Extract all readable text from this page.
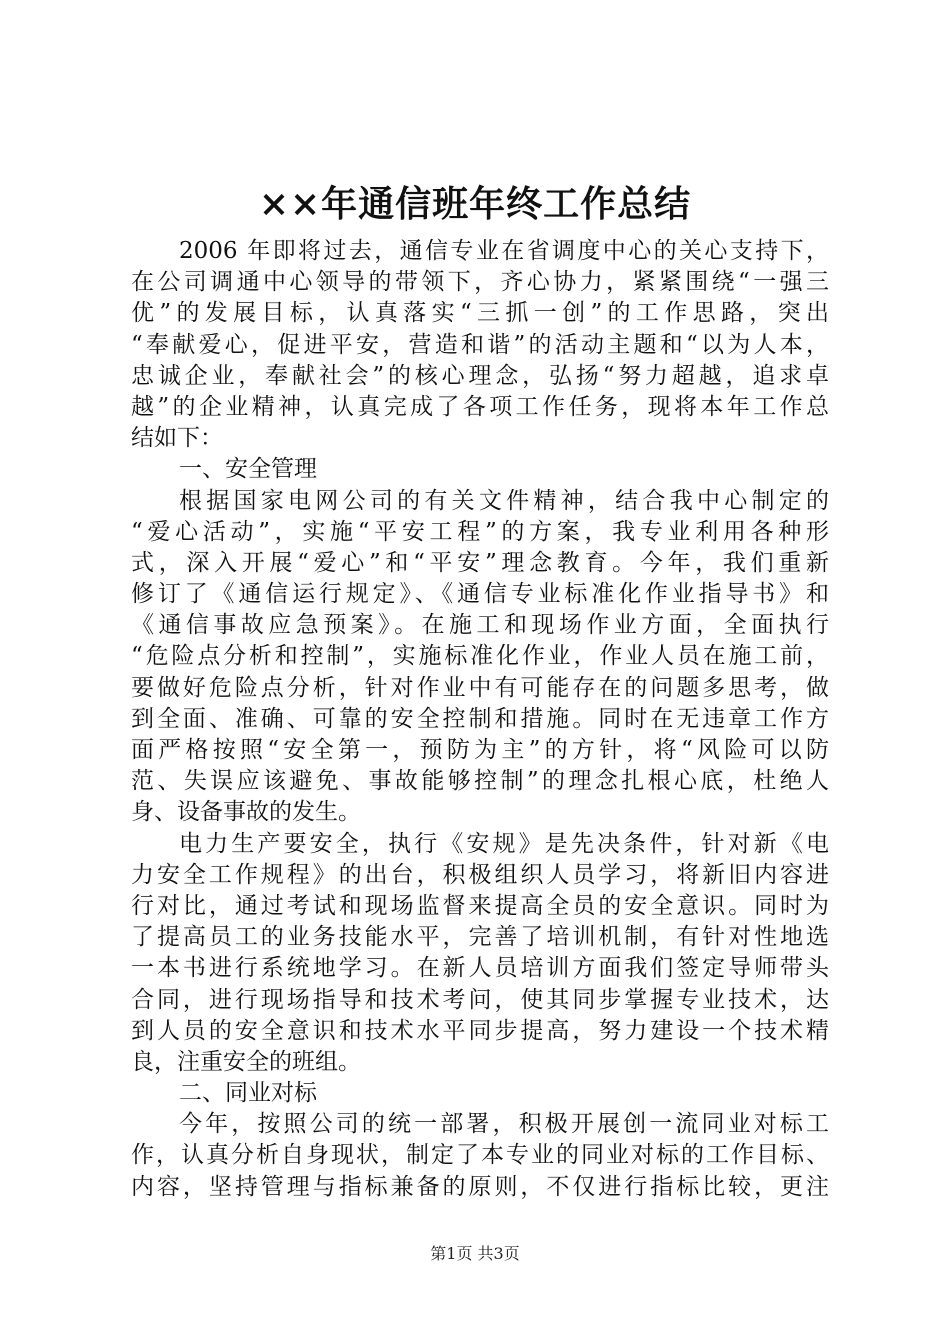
××年通信班年终工作总结
2006 年即将过去，通信专业在省调度中心的关心支持下，
在公司调通中心领导的带领下，齐心协力，紧紧围绕“一强三
优”的发展目标，认真落实“三抓一创”的工作思路，突出
“奉献爱心，促进平安，营造和谐”的活动主题和“以为人本，
忠诚企业，奉献社会”的核心理念，弘扬“努力超越，追求卓
越”的企业精神，认真完成了各项工作任务，现将本年工作总
结如下：
一、安全管理
根据国家电网公司的有关文件精神，结合我中心制定的
“爱心活动”，实施“平安工程”的方案，我专业利用各种形
式，深入开展“爱心”和“平安”理念教育。今年，我们重新
修订了《通信运行规定》、《通信专业标准化作业指导书》和
《通信事故应急预案》。在施工和现场作业方面，全面执行
“危险点分析和控制”，实施标准化作业，作业人员在施工前，
要做好危险点分析，针对作业中有可能存在的问题多思考，做
到全面、准确、可靠的安全控制和措施。同时在无违章工作方
面严格按照“安全第一，预防为主”的方针，将“风险可以防
范、失误应该避免、事故能够控制”的理念扎根心底，杜绝人
身、设备事故的发生。
电力生产要安全，执行《安规》是先决条件，针对新《电
力安全工作规程》的出台，积极组织人员学习，将新旧内容进
行对比，通过考试和现场监督来提高全员的安全意识。同时为
了提高员工的业务技能水平，完善了培训机制，有针对性地选
一本书进行系统地学习。在新人员培训方面我们签定导师带头
合同，进行现场指导和技术考问，使其同步掌握专业技术，达
到人员的安全意识和技术水平同步提高，努力建设一个技术精
良，注重安全的班组。
二、同业对标
今年，按照公司的统一部署，积极开展创一流同业对标工
作，认真分析自身现状，制定了本专业的同业对标的工作目标、
内容，坚持管理与指标兼备的原则，不仅进行指标比较，更注
第1页 共3页
